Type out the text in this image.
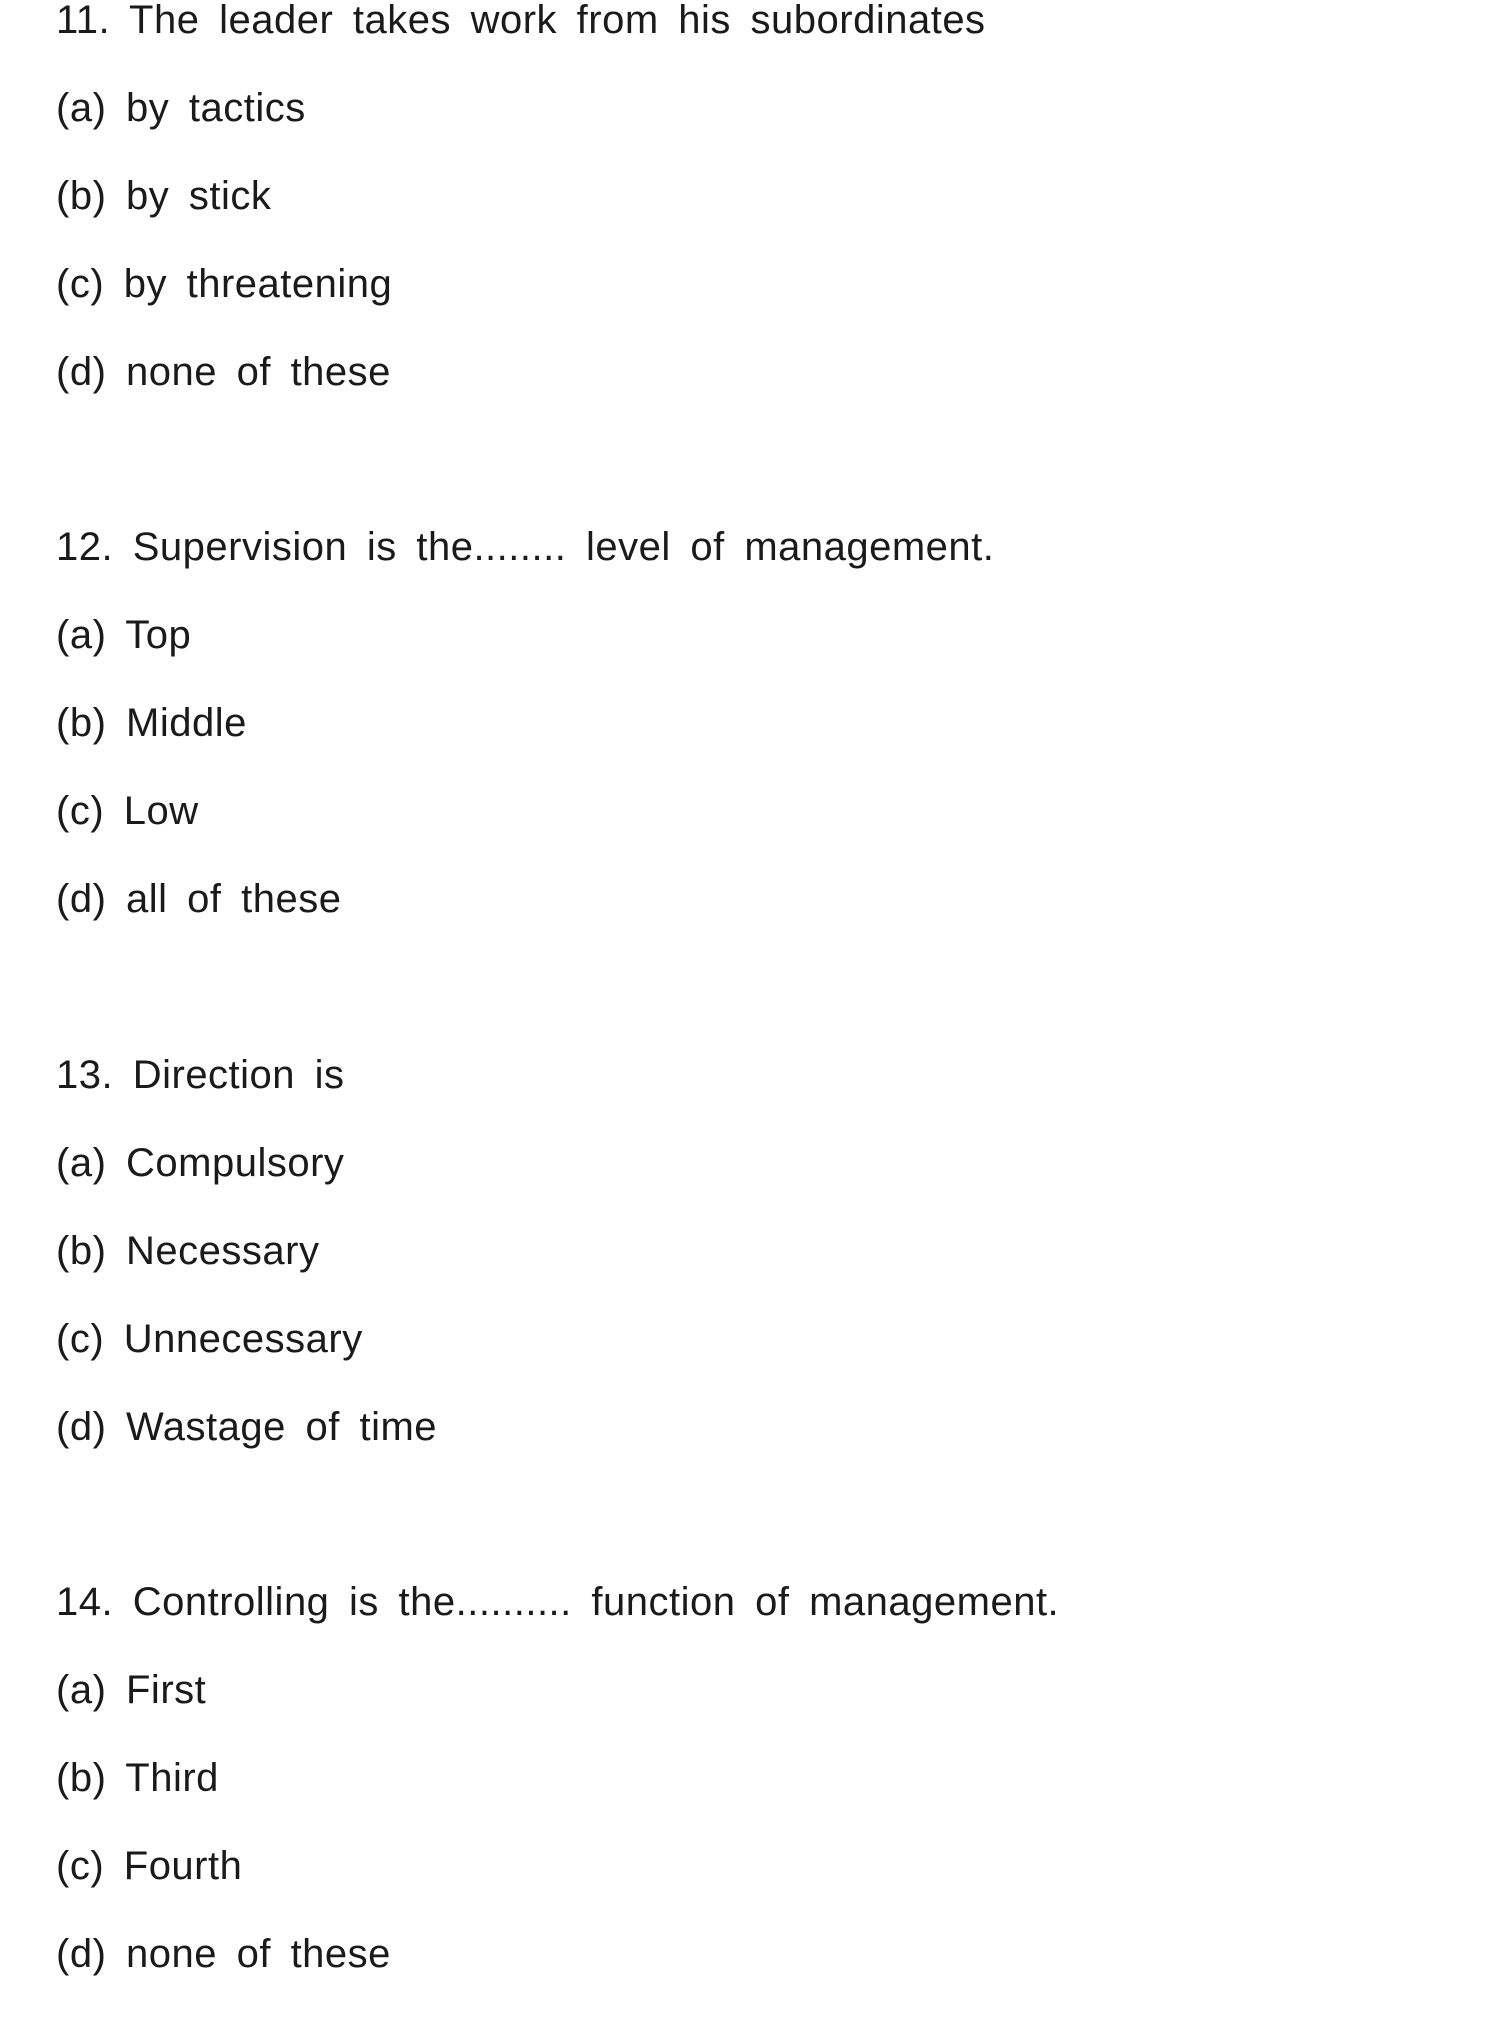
11. The leader takes work from his subordinates
(a) by tactics
(b) by stick
(c) by threatening
(d) none of these
12. Supervision is the........ level of management.
(a) Top
(b) Middle
(c) Low
(d) all of these
13. Direction is
(a) Compulsory
(b) Necessary
(c) Unnecessary
(d) Wastage of time
14. Controlling is the.......... function of management.
(a) First
(b) Third
(c) Fourth
(d) none of these
